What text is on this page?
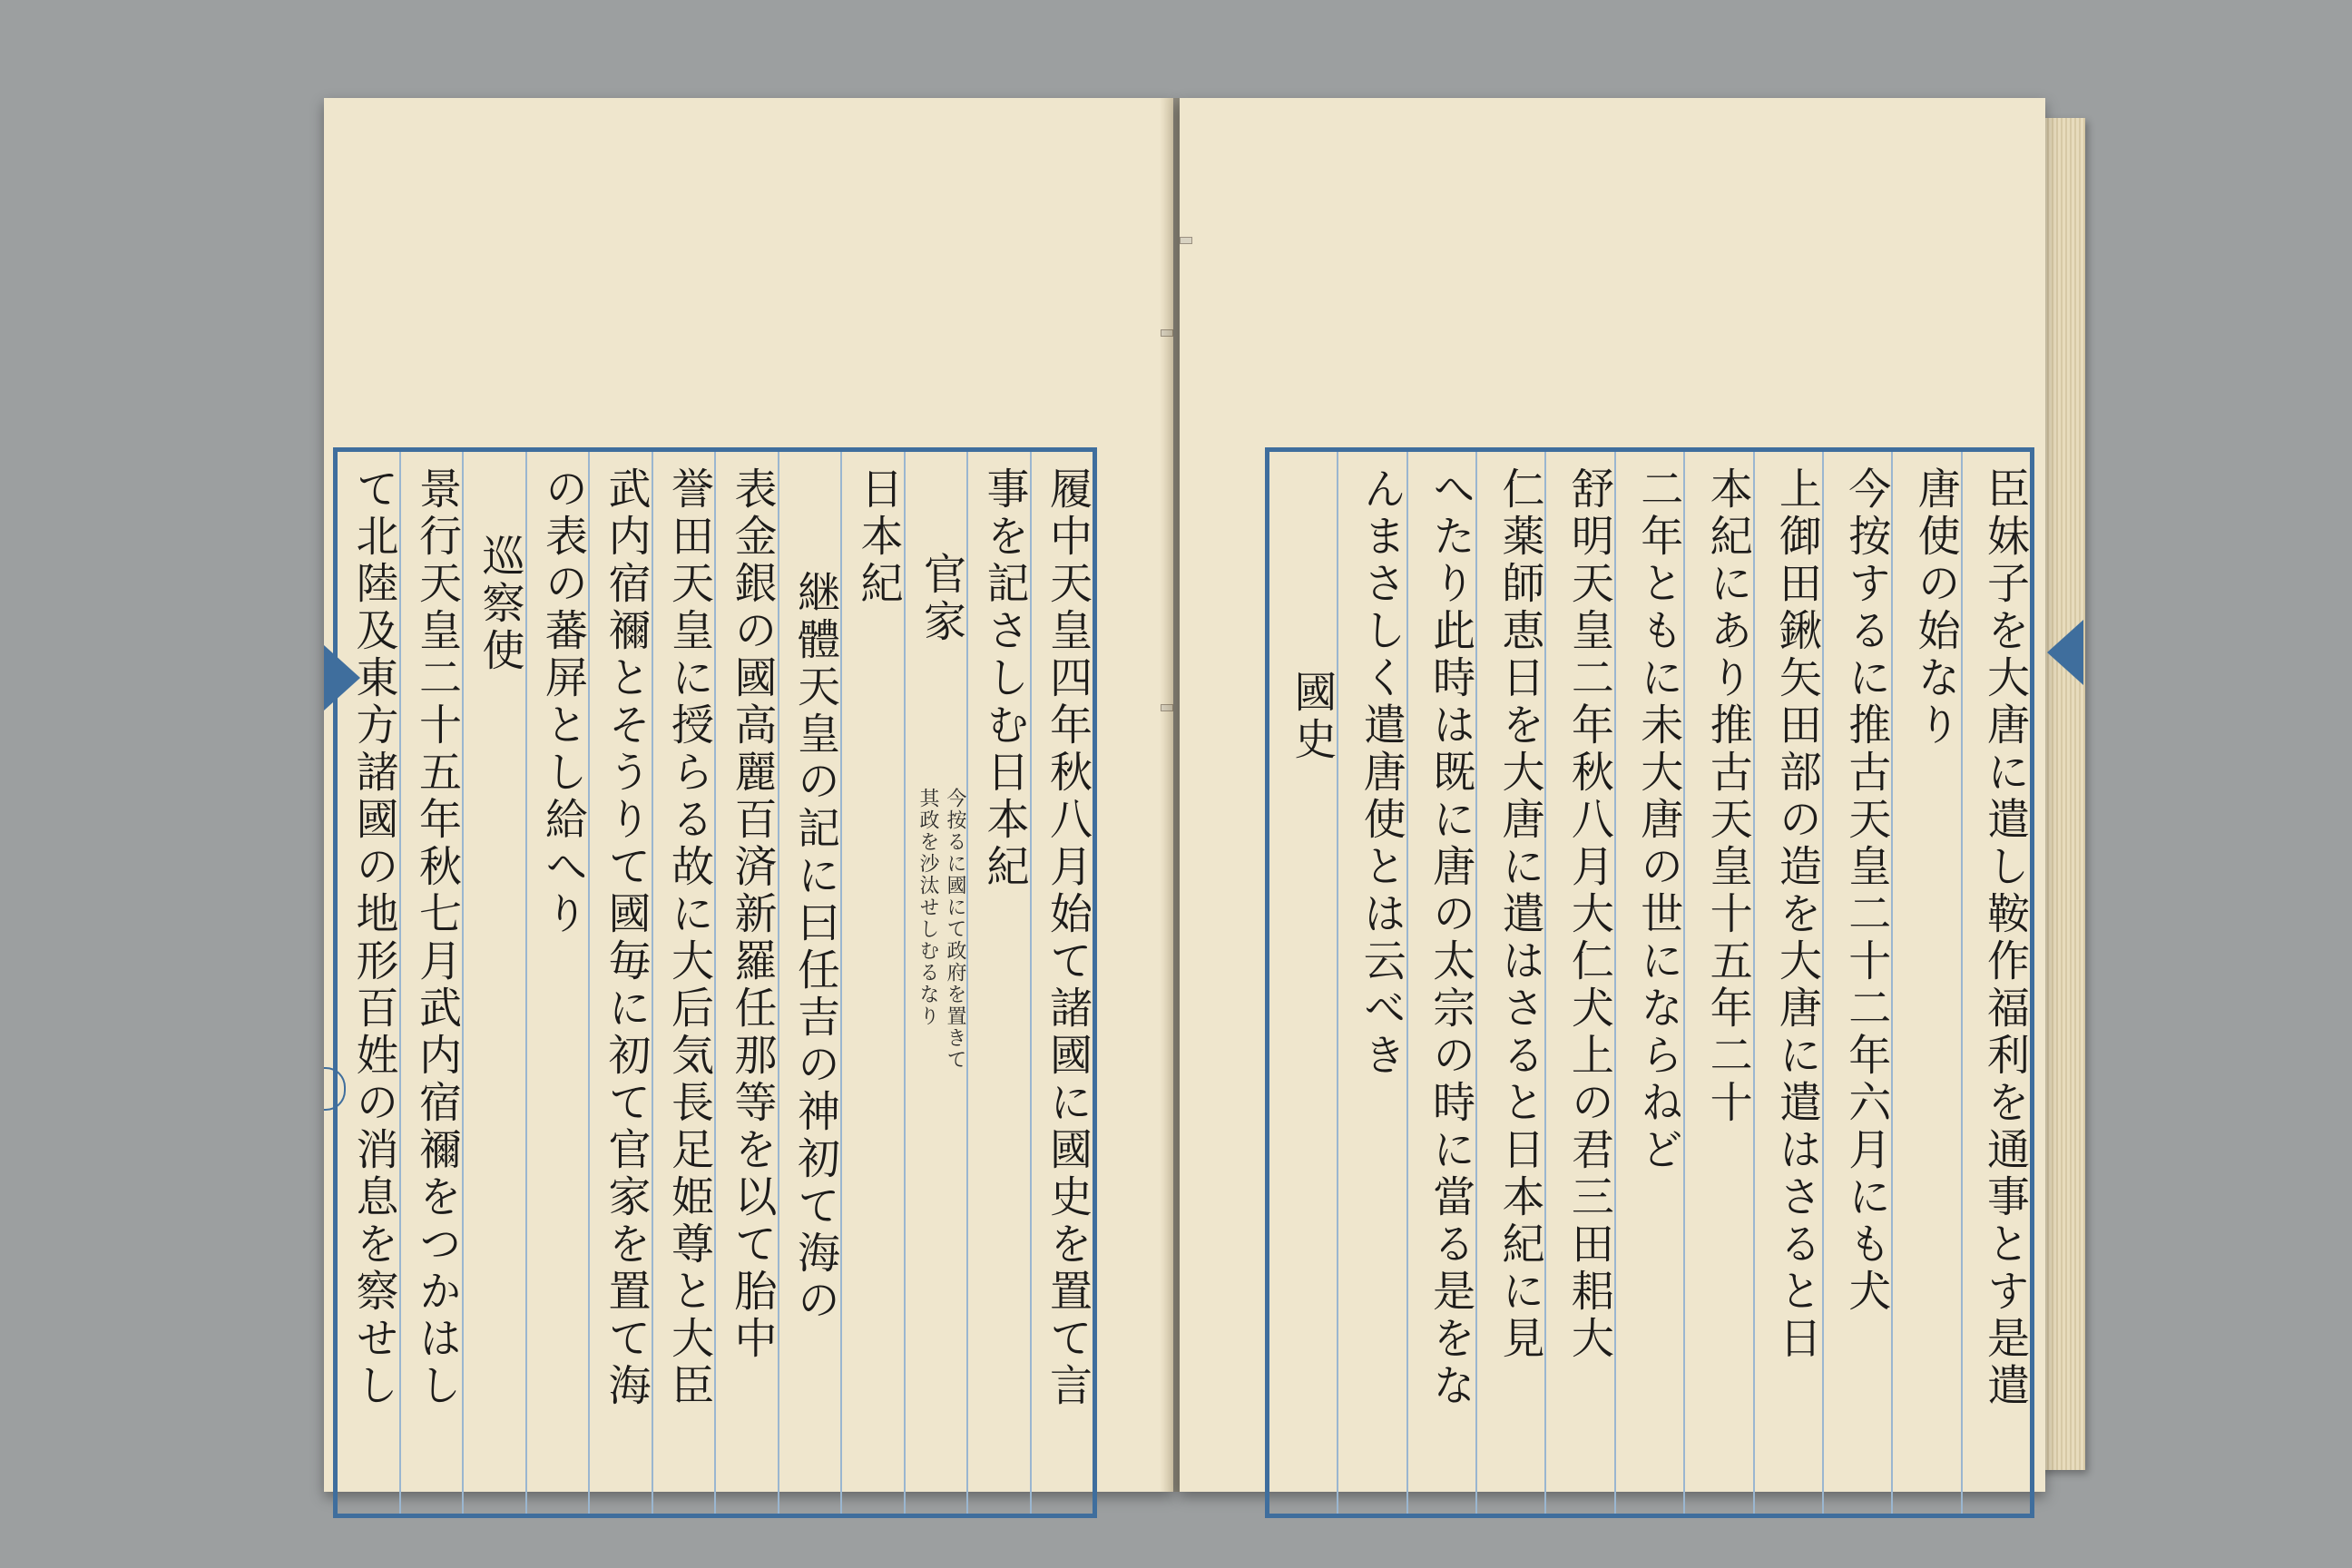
履中天皇四年秋八月始て諸國に國史を置て言
事を記さしむ日本紀
官家
日本紀
継體天皇の記に曰任吉の神初て海の
表金銀の國高麗百済新羅任那等を以て胎中
誉田天皇に授らる故に大后気長足姫尊と大臣
武内宿禰とそうりて國毎に初て官家を置て海
の表の蕃屏とし給へり
巡察使
景行天皇二十五年秋七月武内宿禰をつかはし
て北陸及東方諸國の地形百姓の消息を察せし	今按るに國にて政府を置きて
其政を沙汰せしむるなり	臣妹子を大唐に遣し鞍作福利を通事とす是遣
唐使の始なり
今按するに推古天皇二十二年六月にも犬
上御田鍬矢田部の造を大唐に遣はさると日
本紀にあり推古天皇十五年二十
二年ともに未大唐の世にならねど
舒明天皇二年秋八月大仁犬上の君三田耜大
仁薬師恵日を大唐に遣はさると日本紀に見
へたり此時は既に唐の太宗の時に當る是をな
んまさしく遣唐使とは云べき
國史
